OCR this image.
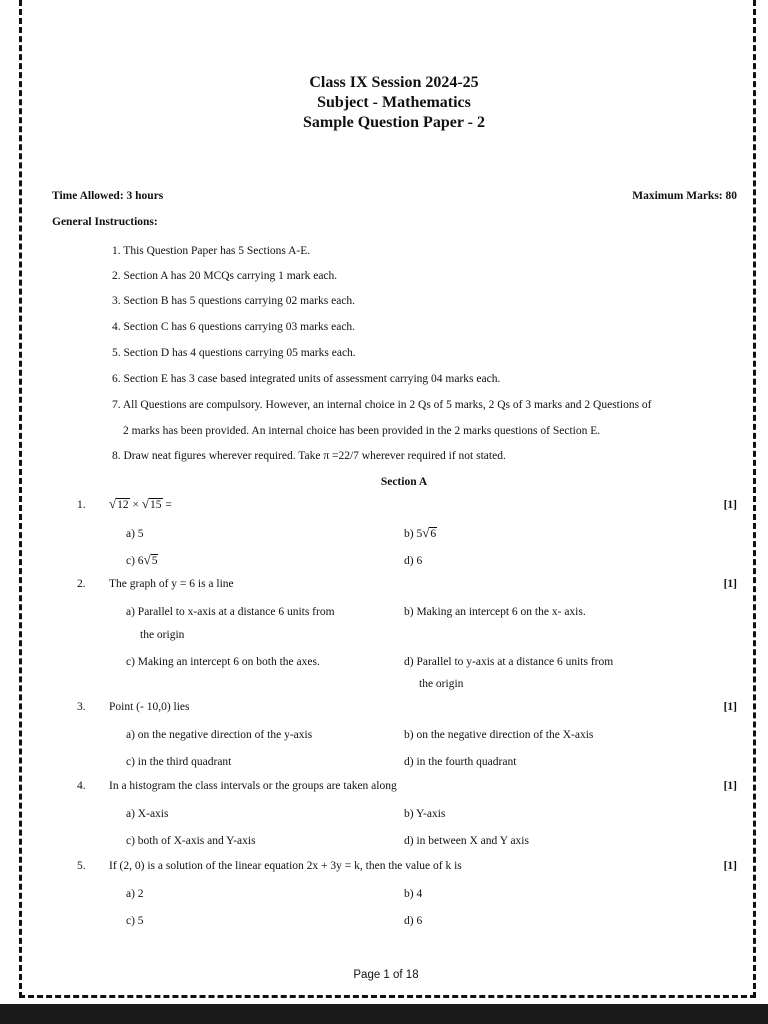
Class IX Session 2024-25
Subject - Mathematics
Sample Question Paper - 2
Time Allowed: 3 hours	Maximum Marks: 80
General Instructions:
1. This Question Paper has 5 Sections A-E.
2. Section A has 20 MCQs carrying 1 mark each.
3. Section B has 5 questions carrying 02 marks each.
4. Section C has 6 questions carrying 03 marks each.
5. Section D has 4 questions carrying 05 marks each.
6. Section E has 3 case based integrated units of assessment carrying 04 marks each.
7. All Questions are compulsory. However, an internal choice in 2 Qs of 5 marks, 2 Qs of 3 marks and 2 Questions of
2 marks has been provided. An internal choice has been provided in the 2 marks questions of Section E.
8. Draw neat figures wherever required. Take π =22/7 wherever required if not stated.
Section A
1. √12 × √15 =	[1]
a) 5	b) 5√6
c) 6√5	d) 6
2. The graph of y = 6 is a line	[1]
a) Parallel to x-axis at a distance 6 units from
the origin
b) Making an intercept 6 on the x- axis.
c) Making an intercept 6 on both the axes.	d) Parallel to y-axis at a distance 6 units from
the origin
3. Point (- 10,0) lies	[1]
a) on the negative direction of the y-axis	b) on the negative direction of the X-axis
c) in the third quadrant	d) in the fourth quadrant
4. In a histogram the class intervals or the groups are taken along	[1]
a) X-axis	b) Y-axis
c) both of X-axis and Y-axis	d) in between X and Y axis
5. If (2, 0) is a solution of the linear equation 2x + 3y = k, then the value of k is	[1]
a) 2	b) 4
c) 5	d) 6
Page 1 of 18
